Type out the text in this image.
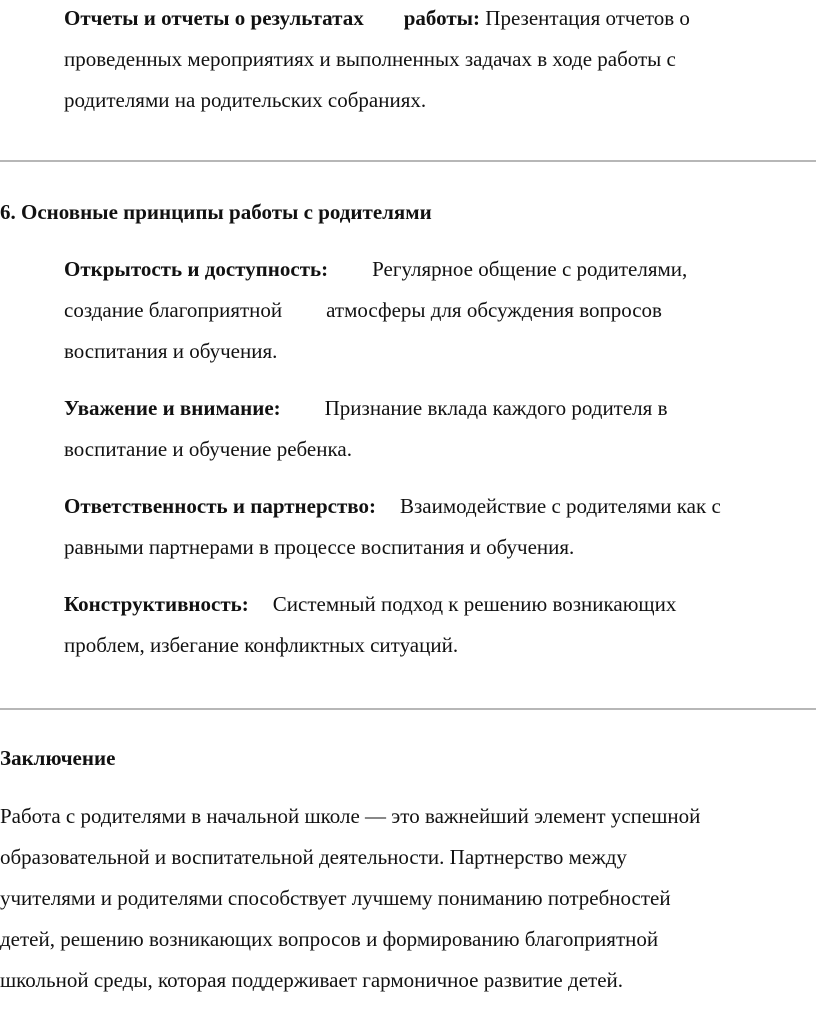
Отчеты и отчеты о результатах работы: Презентация отчетов о
проведенных мероприятиях и выполненных задачах в ходе работы с
родителями на родительских собраниях.
6. Основные принципы работы с родителями
Открытость и доступность: Регулярное общение с родителями,
создание благоприятной атмосферы для обсуждения вопросов
воспитания и обучения.
Уважение и внимание: Признание вклада каждого родителя в
воспитание и обучение ребенка.
Ответственность и партнерство: Взаимодействие с родителями как с
равными партнерами в процессе воспитания и обучения.
Конструктивность: Системный подход к решению возникающих
проблем, избегание конфликтных ситуаций.
Заключение
Работа с родителями в начальной школе — это важнейший элемент успешной
образовательной и воспитательной деятельности. Партнерство между
учителями и родителями способствует лучшему пониманию потребностей
детей, решению возникающих вопросов и формированию благоприятной
школьной среды, которая поддерживает гармоничное развитие детей.
